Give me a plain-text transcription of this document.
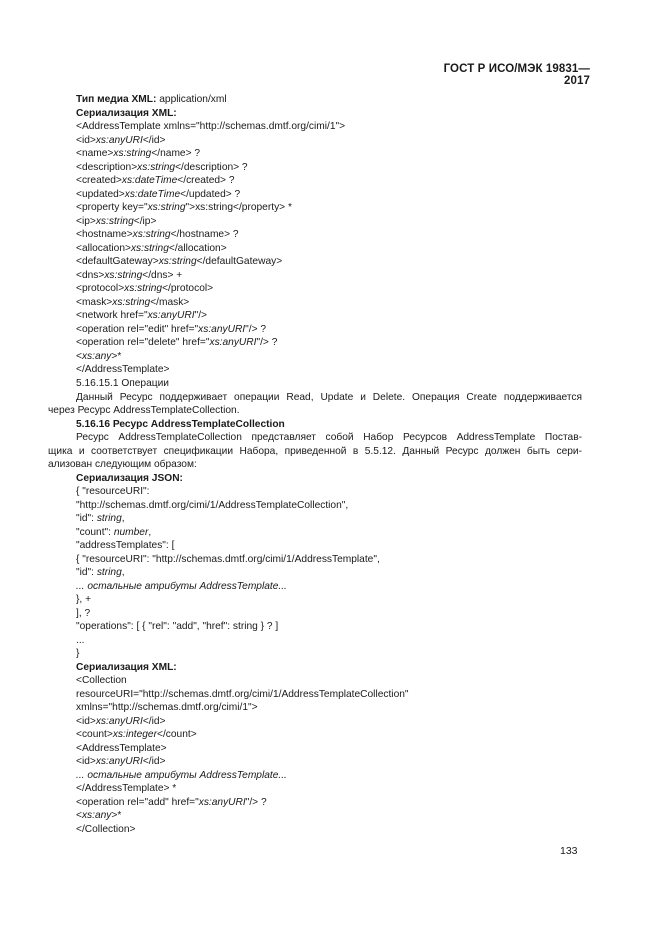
ГОСТ Р ИСО/МЭК 19831—2017
Тип медиа XML: application/xml
Сериализация XML:
<AddressTemplate xmlns="http://schemas.dmtf.org/cimi/1">
<id>xs:anyURI</id>
<name>xs:string</name> ?
<description>xs:string</description> ?
<created>xs:dateTime</created> ?
<updated>xs:dateTime</updated> ?
<property key="xs:string">xs:string</property> *
<ip>xs:string</ip>
<hostname>xs:string</hostname> ?
<allocation>xs:string</allocation>
<defaultGateway>xs:string</defaultGateway>
<dns>xs:string</dns> +
<protocol>xs:string</protocol>
<mask>xs:string</mask>
<network href="xs:anyURI"/>
<operation rel="edit" href="xs:anyURI"/> ?
<operation rel="delete" href="xs:anyURI"/> ?
<xs:any>*
</AddressTemplate>
5.16.15.1 Операции
Данный Ресурс поддерживает операции Read, Update и Delete. Операция Create поддерживается
через Ресурс AddressTemplateCollection.
5.16.16 Ресурс AddressTemplateCollection
Ресурс AddressTemplateCollection представляет собой Набор Ресурсов AddressTemplate Постав-
щика и соответствует спецификации Набора, приведенной в 5.5.12. Данный Ресурс должен быть сери-
ализован следующим образом:
Сериализация JSON:
{ "resourceURI":
"http://schemas.dmtf.org/cimi/1/AddressTemplateCollection",
"id": string,
"count": number,
"addressTemplates": [
{ "resourceURI": "http://schemas.dmtf.org/cimi/1/AddressTemplate",
"id": string,
... остальные атрибуты AddressTemplate...
}, +
], ?
"operations": [ { "rel": "add", "href": string } ? ]
...
}
Сериализация XML:
<Collection
resourceURI="http://schemas.dmtf.org/cimi/1/AddressTemplateCollection"
xmlns="http://schemas.dmtf.org/cimi/1">
<id>xs:anyURI</id>
<count>xs:integer</count>
<AddressTemplate>
<id>xs:anyURI</id>
... остальные атрибуты AddressTemplate...
</AddressTemplate> *
<operation rel="add" href="xs:anyURI"/> ?
<xs:any>*
</Collection>
133
